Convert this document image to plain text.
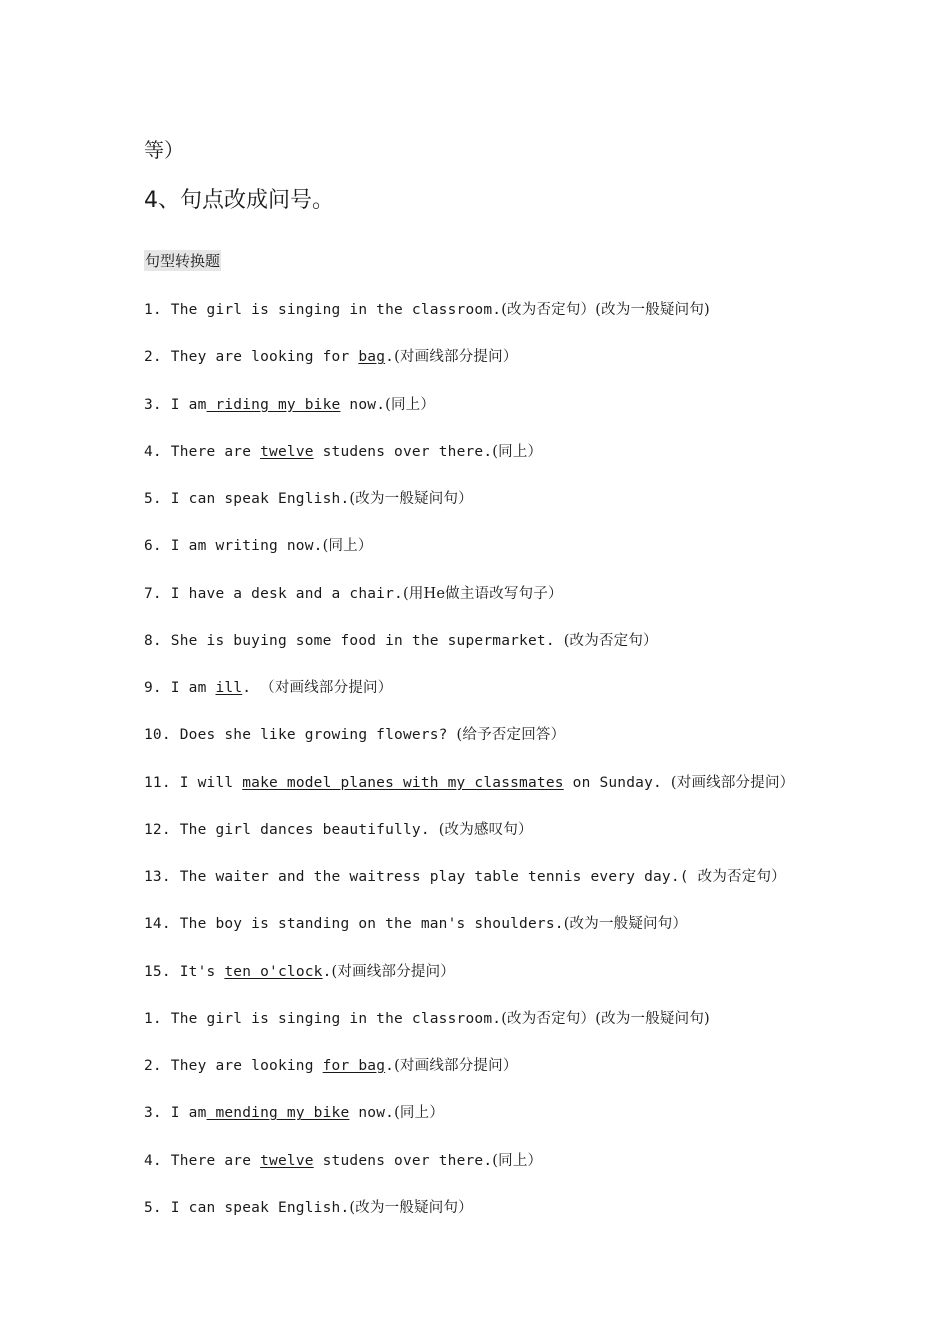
等）
4、句点改成问号。
句型转换题
1. The girl is singing in the classroom.(改为否定句）(改为一般疑问句)
2. They are looking for bag.(对画线部分提问）
3. I am riding my bike now.(同上）
4. There are twelve studens over there.(同上）
5. I can speak English.(改为一般疑问句）
6. I am writing now.(同上）
7. I have a desk and a chair.(用He做主语改写句子）
8. She is buying some food in the supermarket. (改为否定句）
9. I am ill. （对画线部分提问）
10. Does she like growing flowers? (给予否定回答）
11. I will make model planes with my classmates on Sunday. (对画线部分提问）
12. The girl dances beautifully. (改为感叹句）
13. The waiter and the waitress play table tennis every day.( 改为否定句）
14. The boy is standing on the man's shoulders.(改为一般疑问句）
15. It's ten o'clock.(对画线部分提问）
1. The girl is singing in the classroom.(改为否定句）(改为一般疑问句)
2. They are looking for bag.(对画线部分提问）
3. I am mending my bike now.(同上）
4. There are twelve studens over there.(同上）
5. I can speak English.(改为一般疑问句）
